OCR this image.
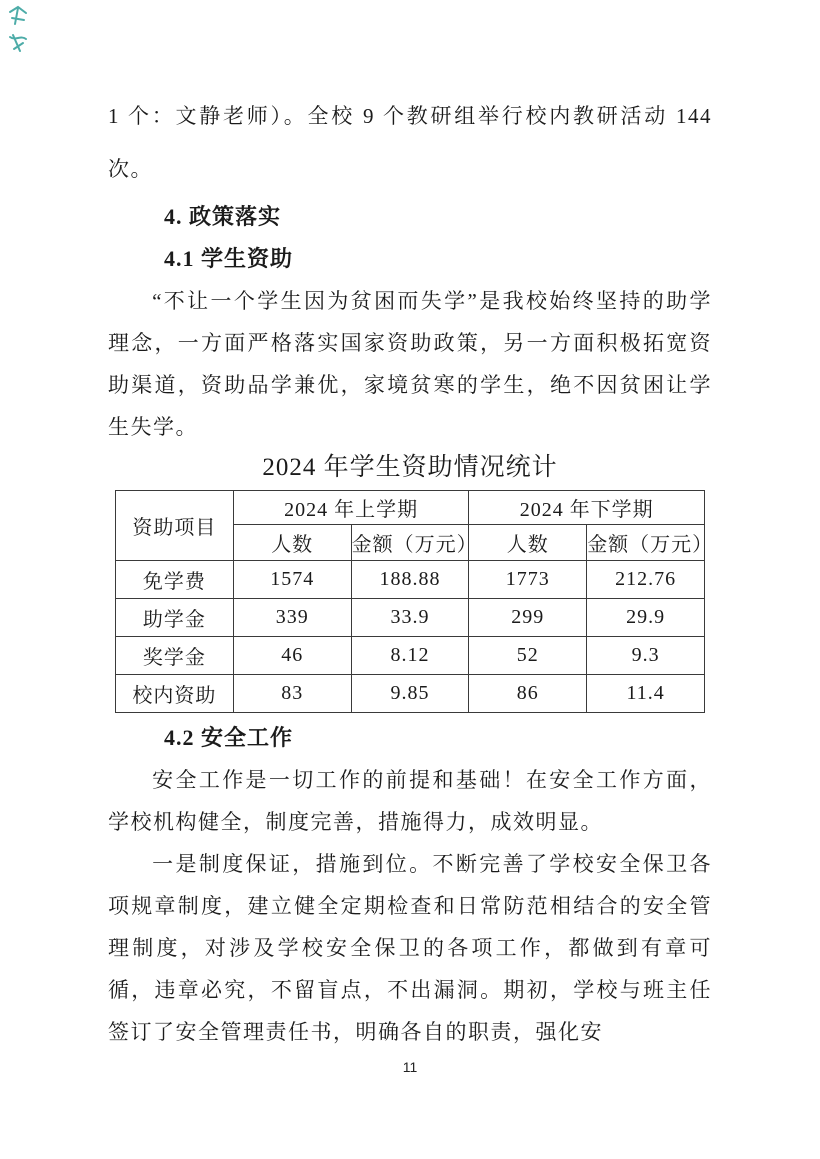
1 个：文静老师）。全校 9 个教研组举行校内教研活动 144 次。

4. 政策落实
4.1 学生资助

“不让一个学生因为贫困而失学”是我校始终坚持的助学理念，一方面严格落实国家资助政策，另一方面积极拓宽资助渠道，资助品学兼优，家境贫寒的学生，绝不因贫困让学生失学。

2024 年学生资助情况统计
资助项目	2024 年上学期		2024 年下学期	
	人数	金额（万元）	人数	金额（万元）
免学费	1574	188.88	1773	212.76
助学金	339	33.9	299	29.9
奖学金	46	8.12	52	9.3
校内资助	83	9.85	86	11.4
4.2 安全工作

安全工作是一切工作的前提和基础！在安全工作方面，学校机构健全，制度完善，措施得力，成效明显。

一是制度保证，措施到位。不断完善了学校安全保卫各项规章制度，建立健全定期检查和日常防范相结合的安全管理制度，对涉及学校安全保卫的各项工作，都做到有章可循，违章必究，不留盲点，不出漏洞。期初，学校与班主任签订了安全管理责任书，明确各自的职责，强化安

11
